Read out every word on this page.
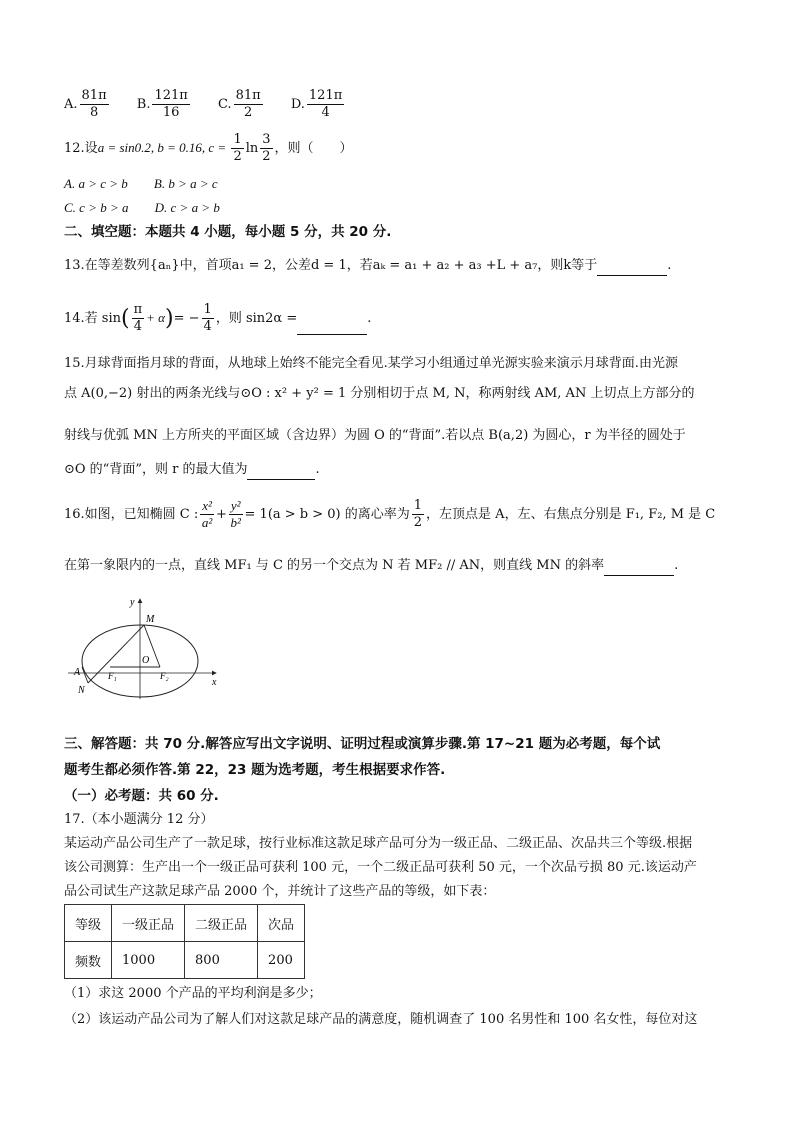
A. $\frac{81\pi}{8} B$. $\frac{121\pi}{16} C$. $\frac{81\pi}{2} D$. $\frac{121\pi}{4}$
12.设a = sin0.2, b = 0.16, $c = \frac{1}{2}$ $\ln \frac{3}{2}$ ，则（　　）
A. a > c > b B. b > a > c
C. c > b > a D. c > a > b
二、填空题：本题共 4 小题，每小题 5 分，共 20 分.
13.在等差数列{aₙ}中，首项a₁ = 2，公差d = 1，若aₖ = a₁ + a₂ + a₃ +L + a₇，则k等于	.
14.若 $\sin( \frac{\pi}{4} + \alpha)= - \frac{1}{4}$ ，则 sin2α =	.
15.月球背面指月球的背面，从地球上始终不能完全看见.某学习小组通过单光源实验来演示月球背面.由光源
点 A(0,−2) 射出的两条光线与⊙O : x² + y² = 1 分别相切于点 M, N，称两射线 AM, AN 上切点上方部分的
射线与优弧 MN 上方所夹的平面区域（含边界）为圆 O 的“背面”.若以点 B(a,2) 为圆心，r 为半径的圆处于
⊙O 的“背面”，则 r 的最大值为	.
16.如图，已知椭圆 C : $\frac{\text{x²}}{\text{a²}} + \frac{\text{y²}}{\text{b²}} = 1(a > b > 0)$ 的离心率为 $\frac{1}{2}$ ，左顶点是 A，左、右焦点分别是 F₁, F₂, M 是 C
在第一象限内的一点，直线 MF₁ 与 C 的另一个交点为 N 若 MF₂ // AN，则直线 MN 的斜率	.
y
x
M
O
A	F₁	F₂
N
三、解答题：共 70 分.解答应写出文字说明、证明过程或演算步骤.第 17~21 题为必考题，每个试
题考生都必须作答.第 22，23 题为选考题，考生根据要求作答.
（一）必考题：共 60 分.
17.（本小题满分 12 分）
某运动产品公司生产了一款足球，按行业标准这款足球产品可分为一级正品、二级正品、次品共三个等级.根据
该公司测算：生产出一个一级正品可获利 100 元，一个二级正品可获利 50 元，一个次品亏损 80 元.该运动产
品公司试生产这款足球产品 2000 个，并统计了这些产品的等级，如下表：
等级	一级正品	二级正品	次品
频数	1000	800	200
（1）求这 2000 个产品的平均利润是多少；
（2）该运动产品公司为了解人们对这款足球产品的满意度，随机调查了 100 名男性和 100 名女性，每位对这
